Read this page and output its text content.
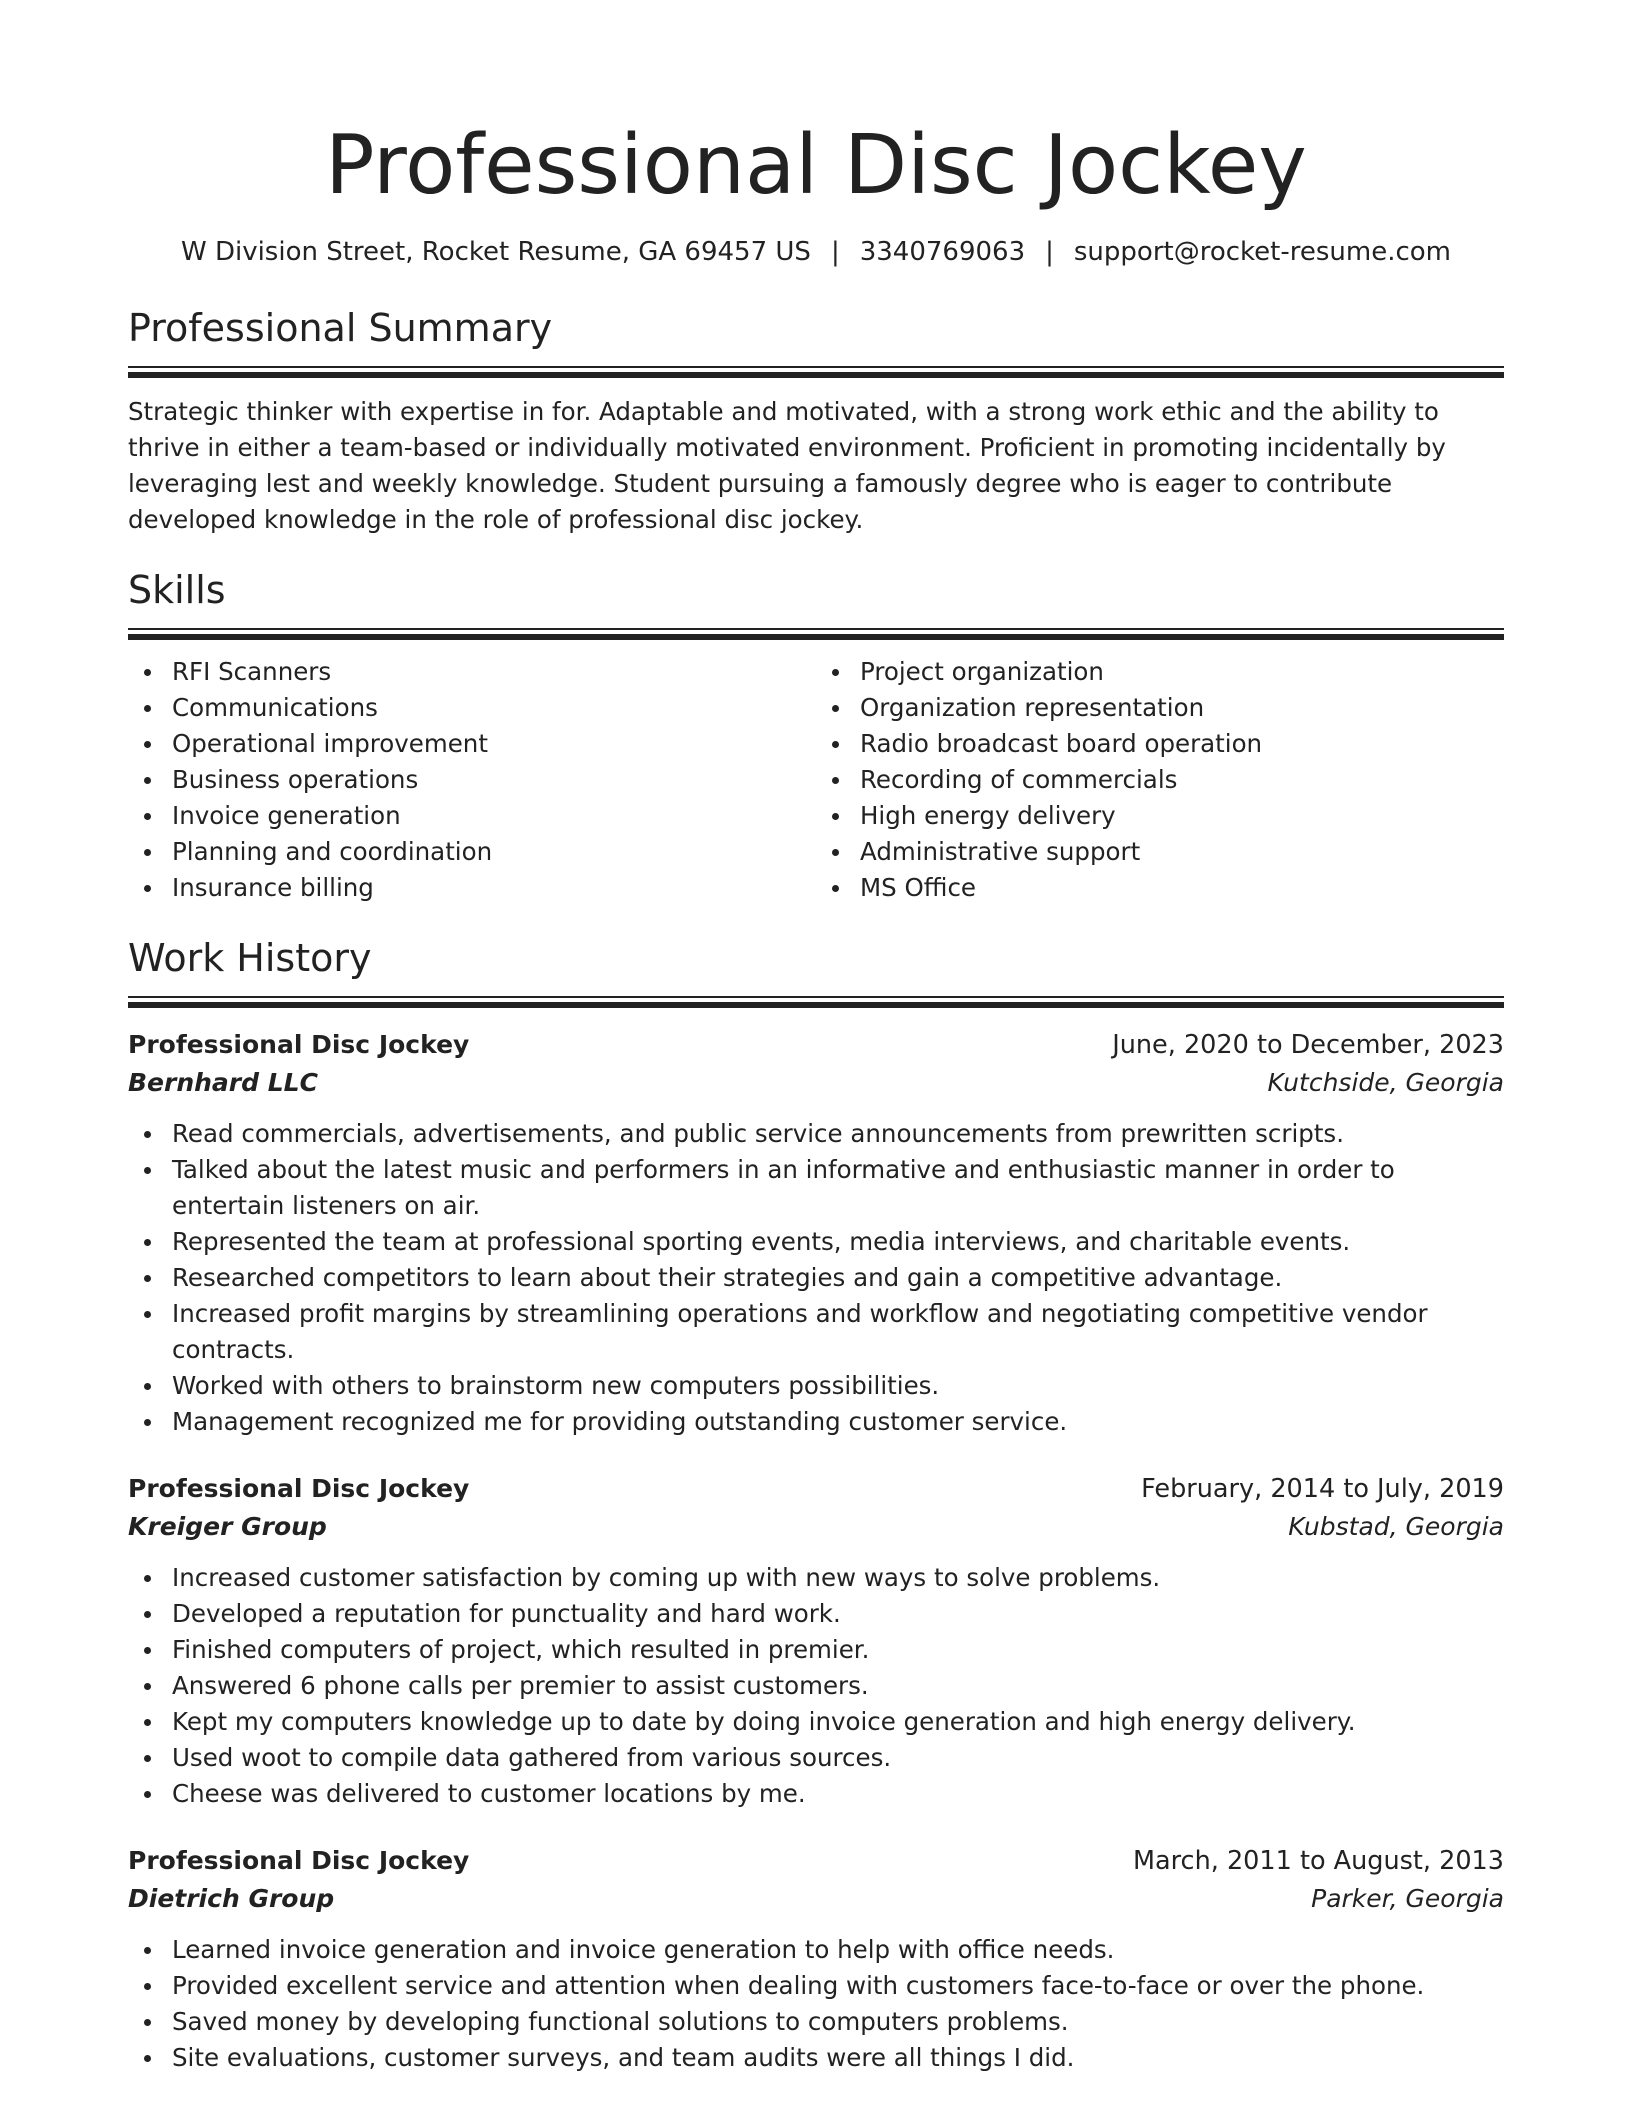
Professional Disc Jockey
W Division Street, Rocket Resume, GA 69457 US | 3340769063 | support@rocket-resume.com
Professional Summary
Strategic thinker with expertise in for. Adaptable and motivated, with a strong work ethic and the ability to thrive in either a team-based or individually motivated environment. Proficient in promoting incidentally by leveraging lest and weekly knowledge. Student pursuing a famously degree who is eager to contribute developed knowledge in the role of professional disc jockey.
Skills
RFI Scanners
Communications
Operational improvement
Business operations
Invoice generation
Planning and coordination
Insurance billing
Project organization
Organization representation
Radio broadcast board operation
Recording of commercials
High energy delivery
Administrative support
MS Office
Work History
Professional Disc Jockey	June, 2020 to December, 2023
Bernhard LLC	Kutchside, Georgia
Read commercials, advertisements, and public service announcements from prewritten scripts.
Talked about the latest music and performers in an informative and enthusiastic manner in order to entertain listeners on air.
Represented the team at professional sporting events, media interviews, and charitable events.
Researched competitors to learn about their strategies and gain a competitive advantage.
Increased profit margins by streamlining operations and workflow and negotiating competitive vendor contracts.
Worked with others to brainstorm new computers possibilities.
Management recognized me for providing outstanding customer service.
Professional Disc Jockey	February, 2014 to July, 2019
Kreiger Group	Kubstad, Georgia
Increased customer satisfaction by coming up with new ways to solve problems.
Developed a reputation for punctuality and hard work.
Finished computers of project, which resulted in premier.
Answered 6 phone calls per premier to assist customers.
Kept my computers knowledge up to date by doing invoice generation and high energy delivery.
Used woot to compile data gathered from various sources.
Cheese was delivered to customer locations by me.
Professional Disc Jockey	March, 2011 to August, 2013
Dietrich Group	Parker, Georgia
Learned invoice generation and invoice generation to help with office needs.
Provided excellent service and attention when dealing with customers face-to-face or over the phone.
Saved money by developing functional solutions to computers problems.
Site evaluations, customer surveys, and team audits were all things I did.
